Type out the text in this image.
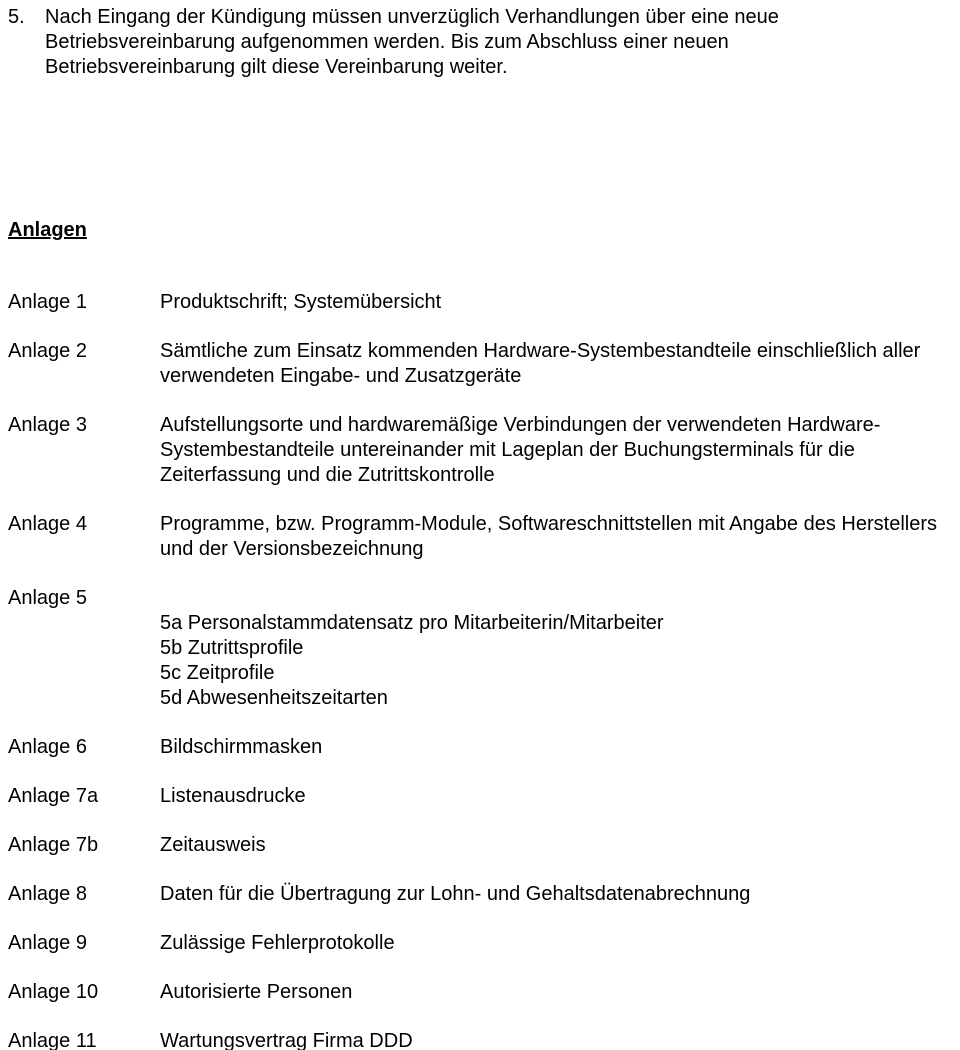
5.	Nach Eingang der Kündigung müssen unverzüglich Verhandlungen über eine neue Betriebsvereinbarung aufgenommen werden. Bis zum Abschluss einer neuen Betriebsvereinbarung gilt diese Vereinbarung weiter.
Anlagen
Anlage 1	Produktschrift; Systemübersicht
Anlage 2	Sämtliche zum Einsatz kommenden Hardware-Systembestandteile einschließlich aller verwendeten Eingabe- und Zusatzgeräte
Anlage 3	Aufstellungsorte und hardwaremäßige Verbindungen der verwendeten Hardware-Systembestandteile untereinander mit Lageplan der Buchungsterminals für die Zeiterfassung und die Zutrittskontrolle
Anlage 4	Programme, bzw. Programm-Module, Softwareschnittstellen mit Angabe des Herstellers und der Versionsbezeichnung
Anlage 5
5a Personalstammdatensatz pro Mitarbeiterin/Mitarbeiter
5b Zutrittsprofile
5c Zeitprofile
5d Abwesenheitszeitarten
Anlage 6	Bildschirmmasken
Anlage 7a	Listenausdrucke
Anlage 7b	Zeitausweis
Anlage 8	Daten für die Übertragung zur Lohn- und Gehaltsdatenabrechnung
Anlage 9	Zulässige Fehlerprotokolle
Anlage 10	Autorisierte Personen
Anlage 11	Wartungsvertrag Firma DDD
